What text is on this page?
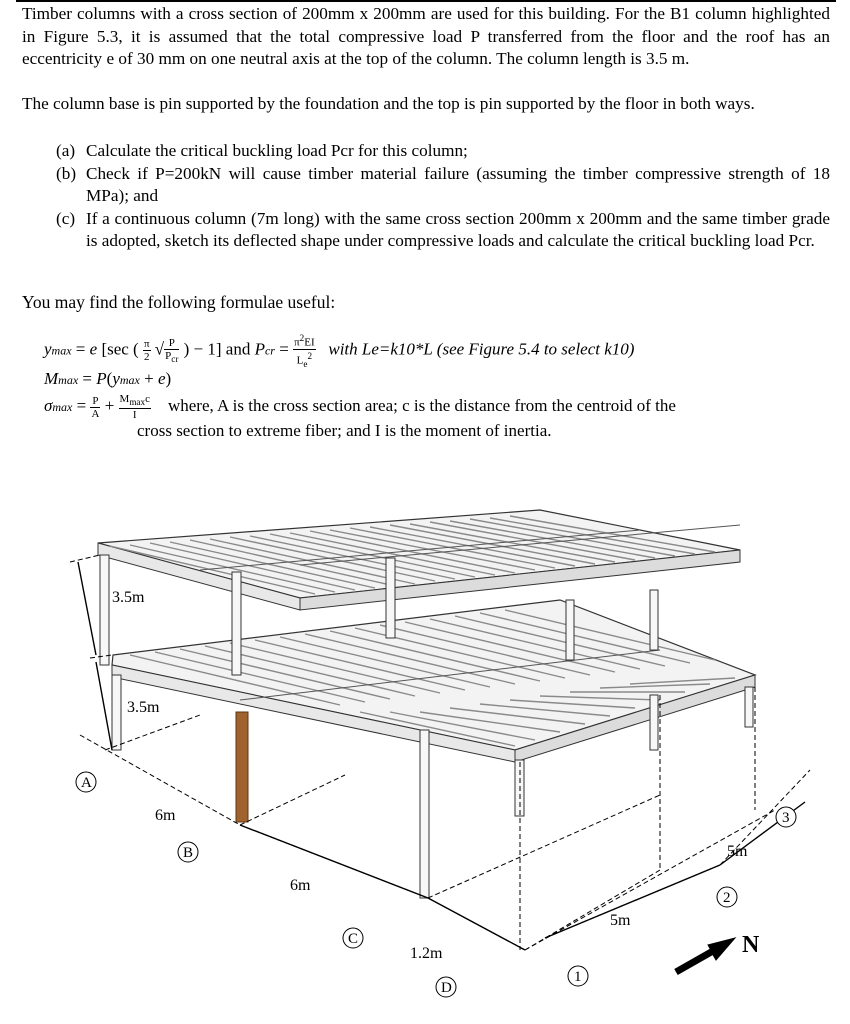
Timber columns with a cross section of 200mm x 200mm are used for this building. For the B1 column highlighted in Figure 5.3, it is assumed that the total compressive load P transferred from the floor and the roof has an eccentricity e of 30 mm on one neutral axis at the top of the column. The column length is 3.5 m.
The column base is pin supported by the foundation and the top is pin supported by the floor in both ways.
(a) Calculate the critical buckling load Pcr for this column;
(b) Check if P=200kN will cause timber material failure (assuming the timber compressive strength of 18 MPa); and
(c) If a continuous column (7m long) with the same cross section 200mm x 200mm and the same timber grade is adopted, sketch its deflected shape under compressive loads and calculate the critical buckling load Pcr.
You may find the following formulae useful:
ymax = e [sec ( $\frac{\pi}{2}$ √ $\frac{P}{P_{cr}}$ ) − 1] and Pcr = $\frac{\pi^2EI}{L_e^2}$ with Le=k10*L (see Figure 5.4 to select k10)
Mmax = P(ymax + e)
$\sigma\max = \frac{P}{A} + \frac{M_{max}c}{I}$ where, A is the cross section area; c is the distance from the centroid of the
cross section to extreme fiber; and I is the moment of inertia.
3.5m
3.5m
6m
6m
1.2m
5m
5m
A
B
C
D
1
2
3
N
